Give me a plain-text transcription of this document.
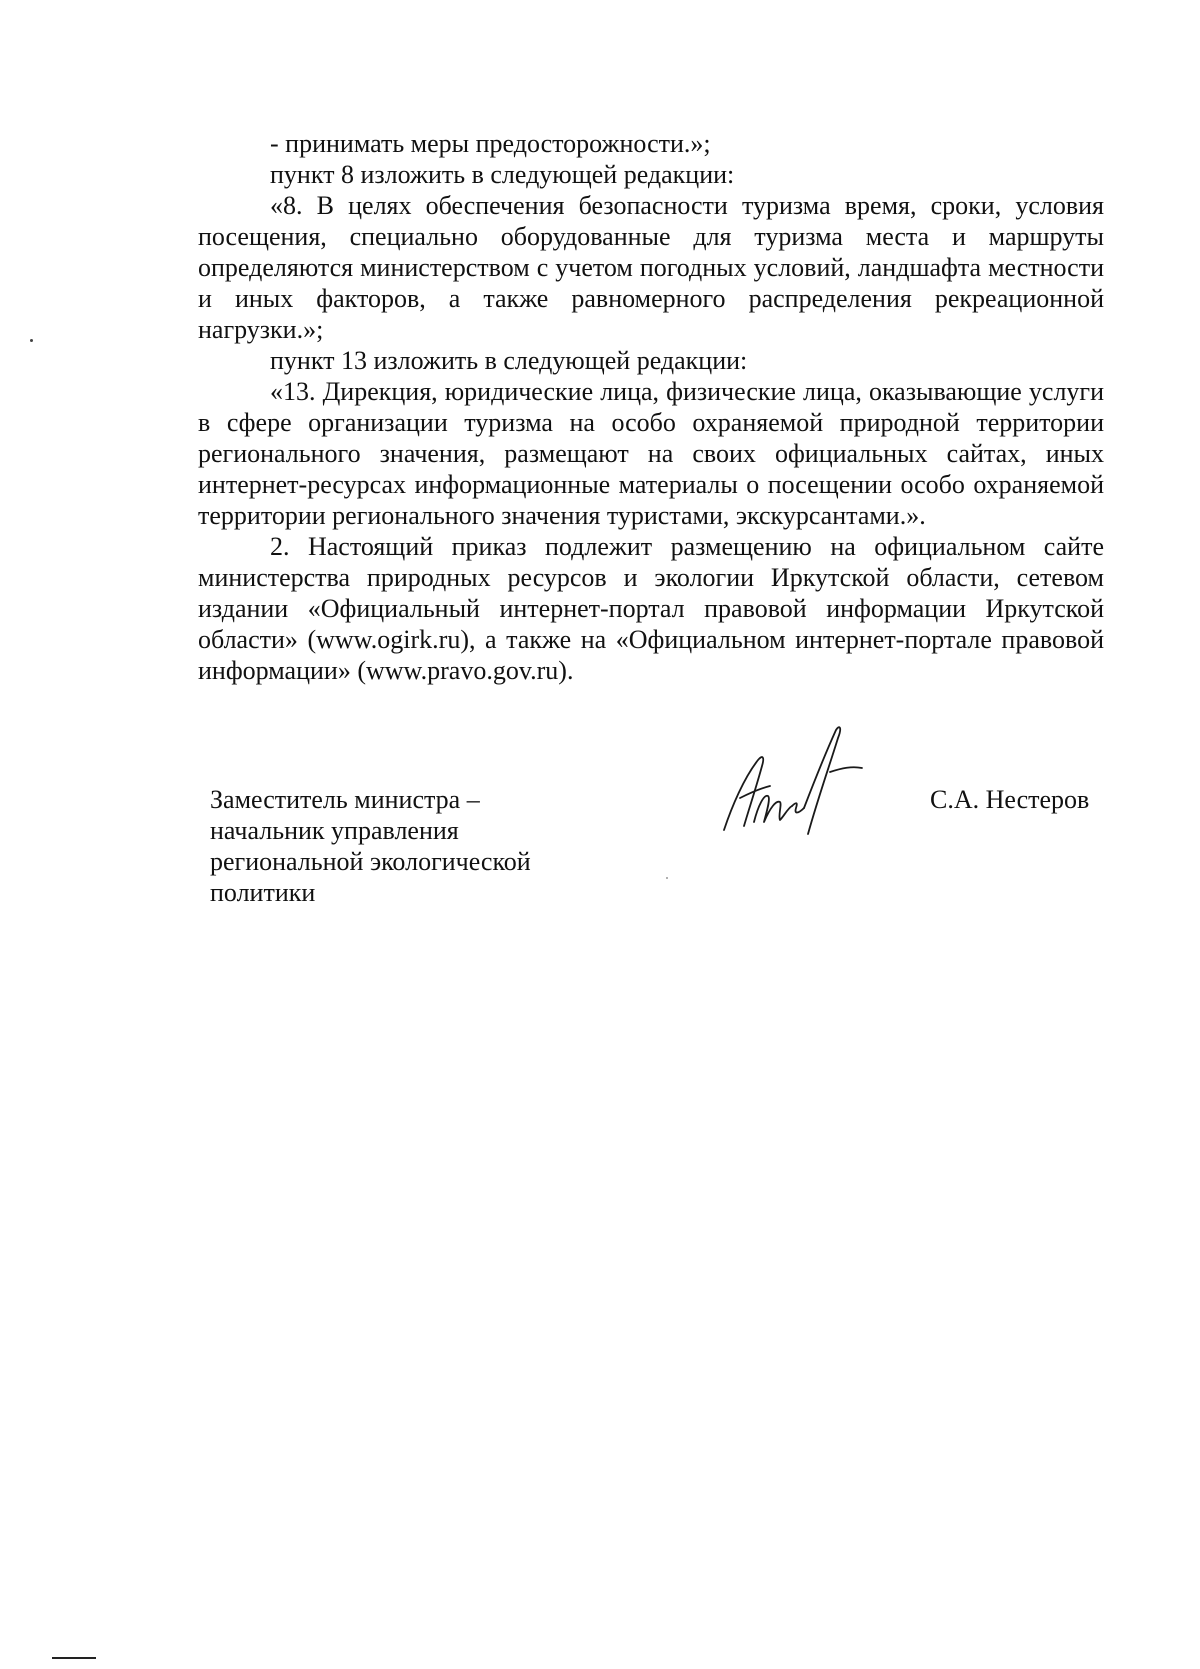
- принимать меры предосторожности.»;

пункт 8 изложить в следующей редакции:

«8. В целях обеспечения безопасности туризма время, сроки, условия посещения, специально оборудованные для туризма места и маршруты определяются министерством с учетом погодных условий, ландшафта местности и иных факторов, а также равномерного распределения рекреационной нагрузки.»;

пункт 13 изложить в следующей редакции:

«13. Дирекция, юридические лица, физические лица, оказывающие услуги в сфере организации туризма на особо охраняемой природной территории регионального значения, размещают на своих официальных сайтах, иных интернет-ресурсах информационные материалы о посещении особо охраняемой территории регионального значения туристами, экскурсантами.».

2. Настоящий приказ подлежит размещению на официальном сайте министерства природных ресурсов и экологии Иркутской области, сетевом издании «Официальный интернет-портал правовой информации Иркутской области» (www.ogirk.ru), а также на «Официальном интернет-портале правовой информации» (www.pravo.gov.ru).

Заместитель министра –
начальник управления
региональной экологической
политики
С.А. Нестеров
